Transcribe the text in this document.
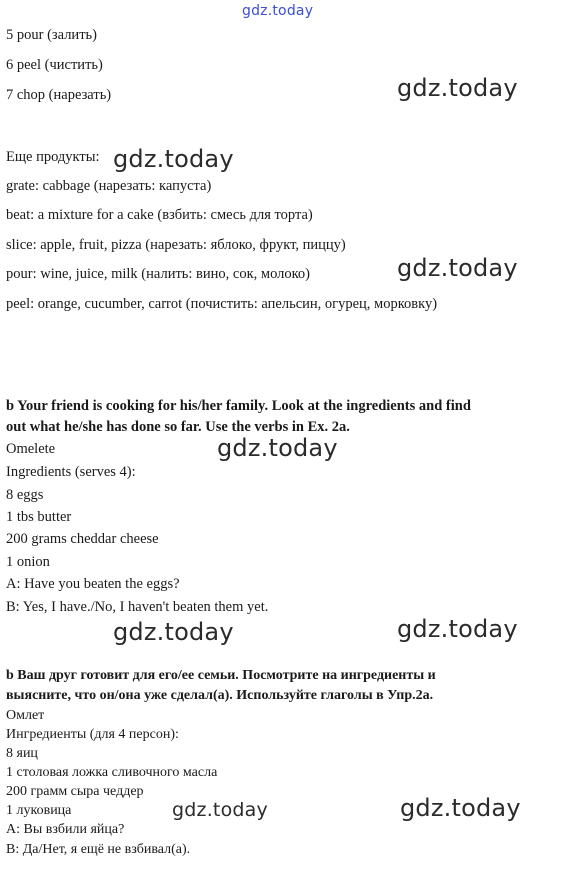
gdz.today
gdz.today
gdz.today
gdz.today
gdz.today
gdz.today	gdz.today
gdz.today	gdz.today
5 pour (залить)
6 peel (чистить)
7 chop (нарезать)
Еще продукты:
grate: cabbage (нарезать: капуста)
beat: a mixture for a cake (взбить: смесь для торта)
slice: apple, fruit, pizza (нарезать: яблоко, фрукт, пиццу)
pour: wine, juice, milk (налить: вино, сок, молоко)
peel: orange, cucumber, carrot (почистить: апельсин, огурец, морковку)
b Your friend is cooking for his/her family. Look at the ingredients and find
out what he/she has done so far. Use the verbs in Ex. 2a.
Omelete
Ingredients (serves 4):
8 eggs
1 tbs butter
200 grams cheddar cheese
1 onion
A: Have you beaten the eggs?
B: Yes, I have./No, I haven't beaten them yet.
b Ваш друг готовит для его/ее семьи. Посмотрите на ингредиенты и
выясните, что он/она уже сделал(а). Используйте глаголы в Упр.2а.
Омлет
Ингредиенты (для 4 персон):
8 яиц
1 столовая ложка сливочного масла
200 грамм сыра чеддер
1 луковица
А: Вы взбили яйца?
В: Да/Нет, я ещё не взбивал(а).
